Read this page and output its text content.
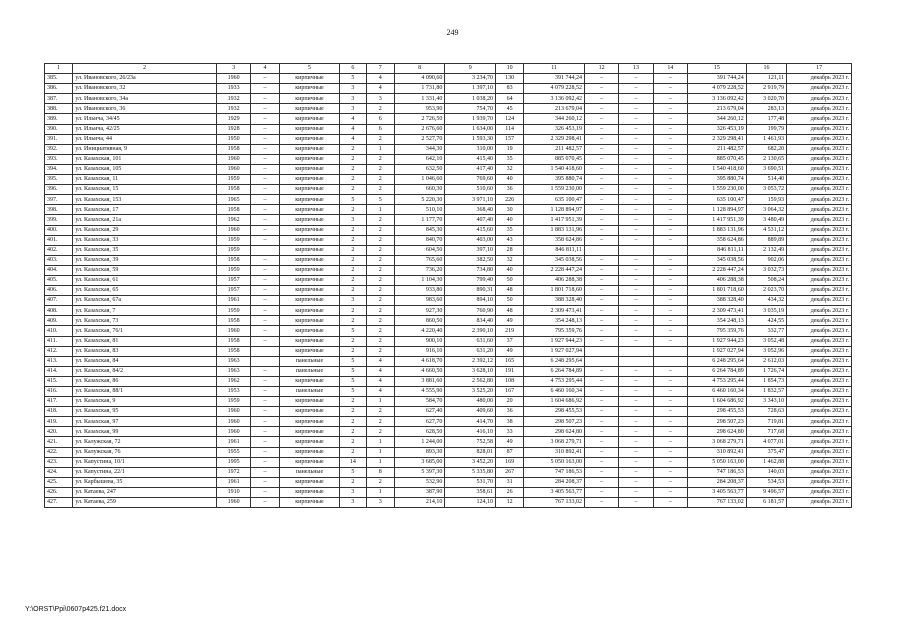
249
1	2	3	4	5	6	7	8	9	10	11	12	13	14	15	16	17
385.	ул. Ивановского, 26/23а	1960	–	кирпичные	5	4	4 090,60	3 234,70	130	391 744,24	–	–	–	391 744,24	121,11	декабрь 2023 г.
386.	ул. Ивановского, 32	1933	–	кирпичные	3	4	1 731,80	1 397,10	83	4 079 228,52	–	–	–	4 079 228,52	2 919,79	декабрь 2023 г.
387.	ул. Ивановского, 34а	1932	–	кирпичные	3	3	1 331,40	1 038,20	64	3 136 092,42	–	–	–	3 136 092,42	3 020,70	декабрь 2023 г.
388.	ул. Ивановского, 36	1932	–	кирпичные	3	2	953,90	754,70	45	213 679,04	–	–	–	213 679,04	283,13	декабрь 2023 г.
389.	ул. Ильича, 34/45	1929	–	кирпичные	4	6	2 726,50	1 939,70	124	344 260,12	–	–	–	344 260,12	177,48	декабрь 2023 г.
390.	ул. Ильича, 42/25	1928	–	кирпичные	4	6	2 676,60	1 634,00	114	326 453,19	–	–	–	326 453,19	199,79	декабрь 2023 г.
391.	ул. Ильича, 44	1950	–	кирпичные	4	2	2 527,70	1 593,30	157	2 329 298,41	–	–	–	2 329 298,41	1 461,93	декабрь 2023 г.
392.	ул. Инициативная, 9	1958	–	кирпичные	2	1	344,30	310,00	19	211 482,57	–	–	–	211 482,57	682,20	декабрь 2023 г.
393.	ул. Казахская, 101	1960	–	кирпичные	2	2	642,10	415,40	35	885 070,45	–	–	–	885 070,45	2 130,65	декабрь 2023 г.
394.	ул. Казахская, 105	1960	–	кирпичные	2	2	632,50	417,40	32	1 540 418,60	–	–	–	1 540 418,60	3 690,51	декабрь 2023 г.
395.	ул. Казахская, 11	1959	–	кирпичные	2	2	1 046,60	769,60	40	395 880,74	–	–	–	395 880,74	514,40	декабрь 2023 г.
396.	ул. Казахская, 15	1958	–	кирпичные	2	2	660,30	510,60	36	1 559 230,00	–	–	–	1 559 230,00	3 053,72	декабрь 2023 г.
397.	ул. Казахская, 153	1965	–	кирпичные	5	5	5 220,30	3 971,10	226	635 100,47	–	–	–	635 100,47	159,93	декабрь 2023 г.
398.	ул. Казахская, 17	1958	–	кирпичные	2	1	510,10	368,40	30	1 128 894,97	–	–	–	1 128 894,97	3 064,32	декабрь 2023 г.
399.	ул. Казахская, 21а	1962	–	кирпичные	3	2	1 177,70	407,40	40	1 417 951,39	–	–	–	1 417 951,39	3 480,49	декабрь 2023 г.
400.	ул. Казахская, 29	1960	–	кирпичные	2	2	845,30	415,60	35	1 883 131,96	–	–	–	1 883 131,96	4 531,12	декабрь 2023 г.
401.	ул. Казахская, 33	1959	–	кирпичные	2	2	840,70	403,00	43	358 624,86	–	–	–	358 624,86	889,89	декабрь 2023 г.
402.	ул. Казахская, 35	1959		кирпичные	2	2	604,50	397,10	28	846 811,11				846 811,11	2 132,49	декабрь 2023 г.
403.	ул. Казахская, 39	1958	–	кирпичные	2	2	765,60	382,50	32	345 038,56	–	–	–	345 038,56	902,06	декабрь 2023 г.
404.	ул. Казахская, 59	1959	–	кирпичные	2	2	736,20	734,80	40	2 228 447,24	–	–	–	2 228 447,24	3 032,73	декабрь 2023 г.
405.	ул. Казахская, 61	1957	–	кирпичные	2	2	1 104,30	799,40	50	406 288,38	–	–	–	406 288,38	508,24	декабрь 2023 г.
406.	ул. Казахская, 65	1957	–	кирпичные	2	2	933,80	890,31	48	1 801 718,60	–	–	–	1 801 718,60	2 023,70	декабрь 2023 г.
407.	ул. Казахская, 67а	1961	–	кирпичные	3	2	983,60	894,10	50	388 328,40	–	–	–	388 328,40	434,32	декабрь 2023 г.
408.	ул. Казахская, 7	1959	–	кирпичные	2	2	927,30	760,90	48	2 309 473,41	–	–	–	2 309 473,41	3 035,19	декабрь 2023 г.
409.	ул. Казахская, 73	1958	–	кирпичные	2	2	860,50	834,40	49	354 248,13	–	–	–	354 248,13	424,55	декабрь 2023 г.
410.	ул. Казахская, 76/1	1960	–	кирпичные	5	2	4 220,40	2 390,10	219	795 359,76	–	–	–	795 359,76	332,77	декабрь 2023 г.
411.	ул. Казахская, 81	1958	–	кирпичные	2	2	900,10	631,60	37	1 927 944,23	–	–	–	1 927 944,23	3 052,48	декабрь 2023 г.
412.	ул. Казахская, 83	1958		кирпичные	2	2	916,10	631,20	49	1 927 027,94				1 927 027,94	3 052,96	декабрь 2023 г.
413.	ул. Казахская, 84	1963		панельные	5	4	4 618,70	2 392,12	165	6 248 295,64				6 248 295,64	2 612,03	декабрь 2023 г.
414.	ул. Казахская, 84/2	1963	–	панельные	5	4	4 660,50	3 628,10	191	6 264 784,89	–	–	–	6 264 784,89	1 726,74	декабрь 2023 г.
415.	ул. Казахская, 86	1962	–	кирпичные	5	4	3 881,60	2 562,80	108	4 753 295,44	–	–	–	4 753 295,44	1 854,73	декабрь 2023 г.
416.	ул. Казахская, 88/1	1953	–	панельные	5	4	4 555,90	3 525,20	167	6 460 160,34	–	–	–	6 460 160,34	1 832,57	декабрь 2023 г.
417.	ул. Казахская, 9	1959	–	кирпичные	2	1	584,70	480,00	20	1 604 686,92	–	–	–	1 604 686,92	3 343,10	декабрь 2023 г.
418.	ул. Казахская, 95	1960	–	кирпичные	2	2	627,40	409,60	36	298 455,53	–	–	–	298 455,53	728,63	декабрь 2023 г.
419.	ул. Казахская, 97	1960	–	кирпичные	2	2	627,70	414,70	38	298 507,23	–	–	–	298 507,23	719,81	декабрь 2023 г.
420.	ул. Казахская, 99	1960	–	кирпичные	2	2	628,50	416,10	33	298 624,80	–	–	–	298 624,80	717,68	декабрь 2023 г.
421.	ул. Калужская, 72	1961	–	кирпичные	2	1	1 244,00	752,58	49	3 068 279,71	–	–	–	3 068 279,71	4 077,01	декабрь 2023 г.
422.	ул. Калужская, 76	1955	–	кирпичные	2	1	893,30	828,01	87	310 892,41	–	–	–	310 892,41	375,47	декабрь 2023 г.
423.	ул. Капустина, 10/1	1995	–	кирпичные	14	1	3 685,00	3 452,20	169	5 050 163,00	–	–	–	5 050 163,00	1 462,88	декабрь 2023 г.
424.	ул. Капустина, 22/1	1972	–	панельные	5	8	5 397,30	5 335,80	267	747 186,53	–	–	–	747 186,53	140,03	декабрь 2023 г.
425.	ул. Карбышева, 35	1961	–	кирпичные	2	2	532,90	531,70	31	284 208,37	–	–	–	284 208,37	534,53	декабрь 2023 г.
426.	ул. Катаева, 247	1910	–	кирпичные	3	1	387,90	358,61	26	3 405 563,77	–	–	–	3 405 563,77	9 496,57	декабрь 2023 г.
427.	ул. Катаева, 259	1960	–	кирпичные	3	3	214,10	124,10	12	767 133,02	–	–	–	767 133,02	6 181,57	декабрь 2023 г.
Y:\ORST\Ppi\0607p425.f21.docx
